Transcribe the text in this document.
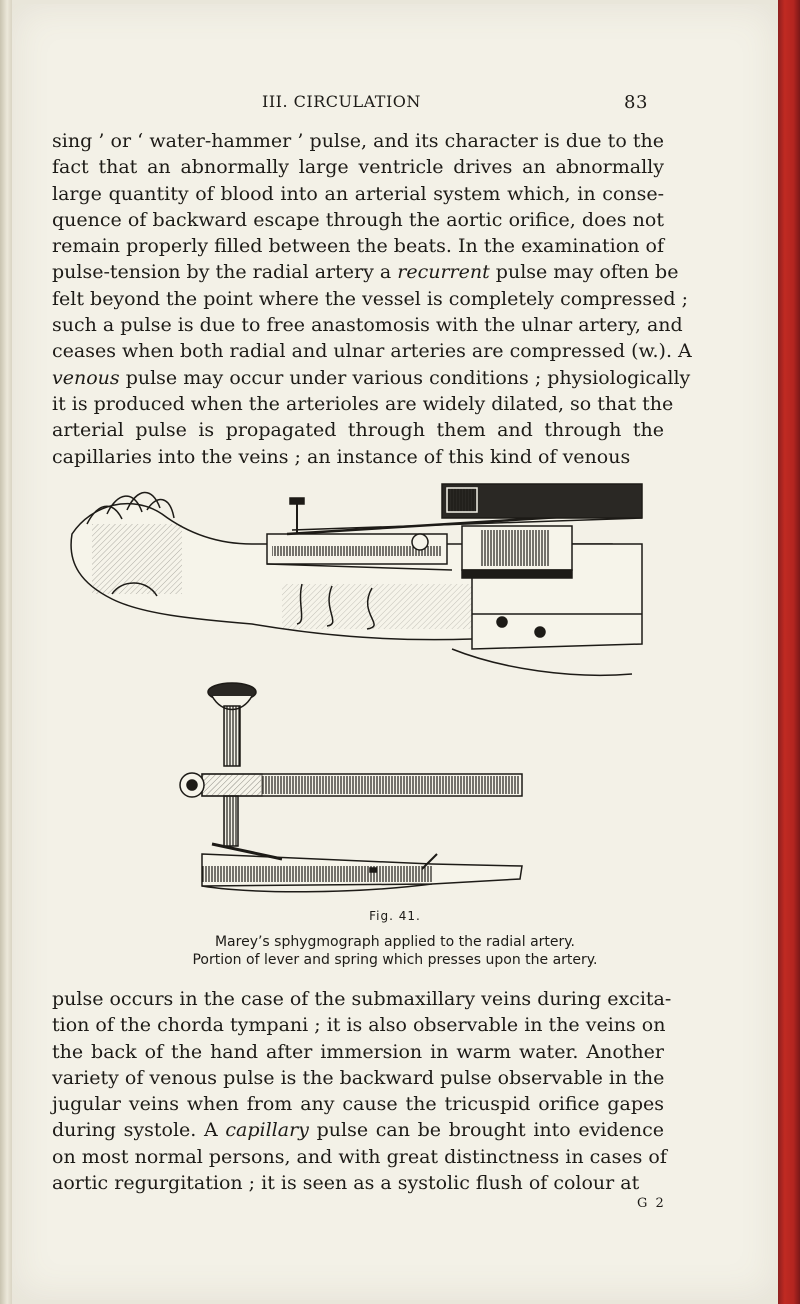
III. CIRCULATION	83
sing ’ or ‘ water-hammer ’ pulse, and its character is due to the
fact that an abnormally large ventricle drives an abnormally
large quantity of blood into an arterial system which, in conse-
quence of backward escape through the aortic orifice, does not
remain properly filled between the beats. In the examination of
pulse-tension by the radial artery a recurrent pulse may often be
felt beyond the point where the vessel is completely compressed ;
such a pulse is due to free anastomosis with the ulnar artery, and
ceases when both radial and ulnar arteries are compressed (w.). A
venous pulse may occur under various conditions ; physiologically
it is produced when the arterioles are widely dilated, so that the
arterial pulse is propagated through them and through the
capillaries into the veins ; an instance of this kind of venous
Fig. 41.
Marey’s sphygmograph applied to the radial artery.
Portion of lever and spring which presses upon the artery.
pulse occurs in the case of the submaxillary veins during excita-
tion of the chorda tympani ; it is also observable in the veins on
the back of the hand after immersion in warm water. Another
variety of venous pulse is the backward pulse observable in the
jugular veins when from any cause the tricuspid orifice gapes
during systole. A capillary pulse can be brought into evidence
on most normal persons, and with great distinctness in cases of
aortic regurgitation ; it is seen as a systolic flush of colour at
G 2
